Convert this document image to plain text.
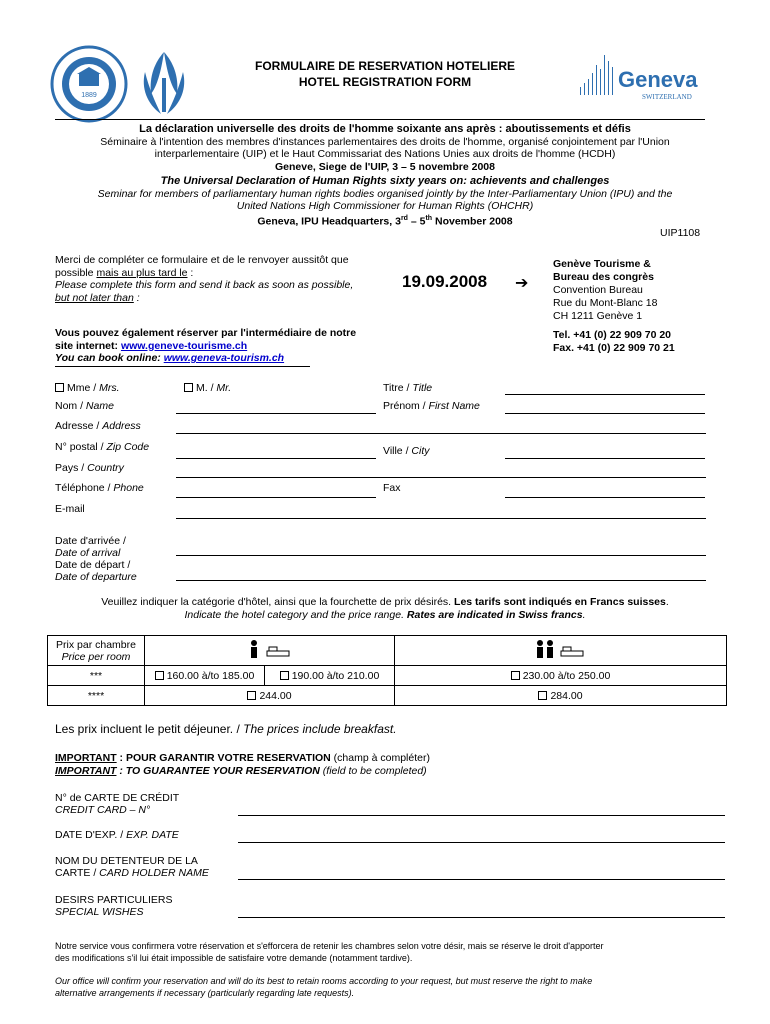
1889
FORMULAIRE DE RESERVATION HOTELIERE
HOTEL REGISTRATION FORM	Geneva
SWITZERLAND
La déclaration universelle des droits de l'homme soixante ans après : aboutissements et défis
Séminaire à l'intention des membres d'instances parlementaires des droits de l'homme, organisé conjointement par l'Union
interparlementaire (UIP) et le Haut Commissariat des Nations Unies aux droits de l'homme (HCDH)
Geneve, Siege de l'UIP, 3 – 5 novembre 2008
The Universal Declaration of Human Rights sixty years on: achievents and challenges
Seminar for members of parliamentary human rights bodies organised jointly by the Inter-Parliamentary Union (IPU) and the
United Nations High Commissioner for Human Rights (OHCHR)
Geneva, IPU Headquarters, 3rd – 5th November 2008
UIP1108
Merci de compléter ce formulaire et de le renvoyer aussitôt que
possible mais au plus tard le :
Please complete this form and send it back as soon as possible,
but not later than :
19.09.2008 ➔
Genève Tourisme &
Bureau des congrès
Convention Bureau
Rue du Mont-Blanc 18
CH 1211 Genève 1
Tel. +41 (0) 22 909 70 20
Fax. +41 (0) 22 909 70 21
Vous pouvez également réserver par l'intermédiaire de notre
site internet: www.geneve-tourisme.ch
You can book online: www.geneva-tourism.ch
Mme / Mrs.	M. / Mr.	Titre / Title
Nom / Name	Prénom / First Name
Adresse / Address
N° postal / Zip Code	Ville / City
Pays / Country
Téléphone / Phone	Fax
E-mail
Date d'arrivée /
Date of arrival
Date de départ /
Date of departure
Veuillez indiquer la catégorie d'hôtel, ainsi que la fourchette de prix désirés. Les tarifs sont indiqués en Francs suisses.
Indicate the hotel category and the price range. Rates are indicated in Swiss francs.
Prix par chambre
Price per room

***	160.00 à/to 185.00	190.00 à/to 210.00	230.00 à/to 250.00
****	244.00		284.00
Les prix incluent le petit déjeuner. / The prices include breakfast.
IMPORTANT : POUR GARANTIR VOTRE RESERVATION (champ à compléter)
IMPORTANT : TO GUARANTEE YOUR RESERVATION (field to be completed)
N° de CARTE DE CRÉDIT
CREDIT CARD – N°
DATE D'EXP. / EXP. DATE
NOM DU DETENTEUR DE LA
CARTE / CARD HOLDER NAME
DESIRS PARTICULIERS
SPECIAL WISHES
Notre service vous confirmera votre réservation et s'efforcera de retenir les chambres selon votre désir, mais se réserve le droit d'apporter
des modifications s'il lui était impossible de satisfaire votre demande (notamment tardive).
Our office will confirm your reservation and will do its best to retain rooms according to your request, but must reserve the right to make
alternative arrangements if necessary (particularly regarding late requests).
